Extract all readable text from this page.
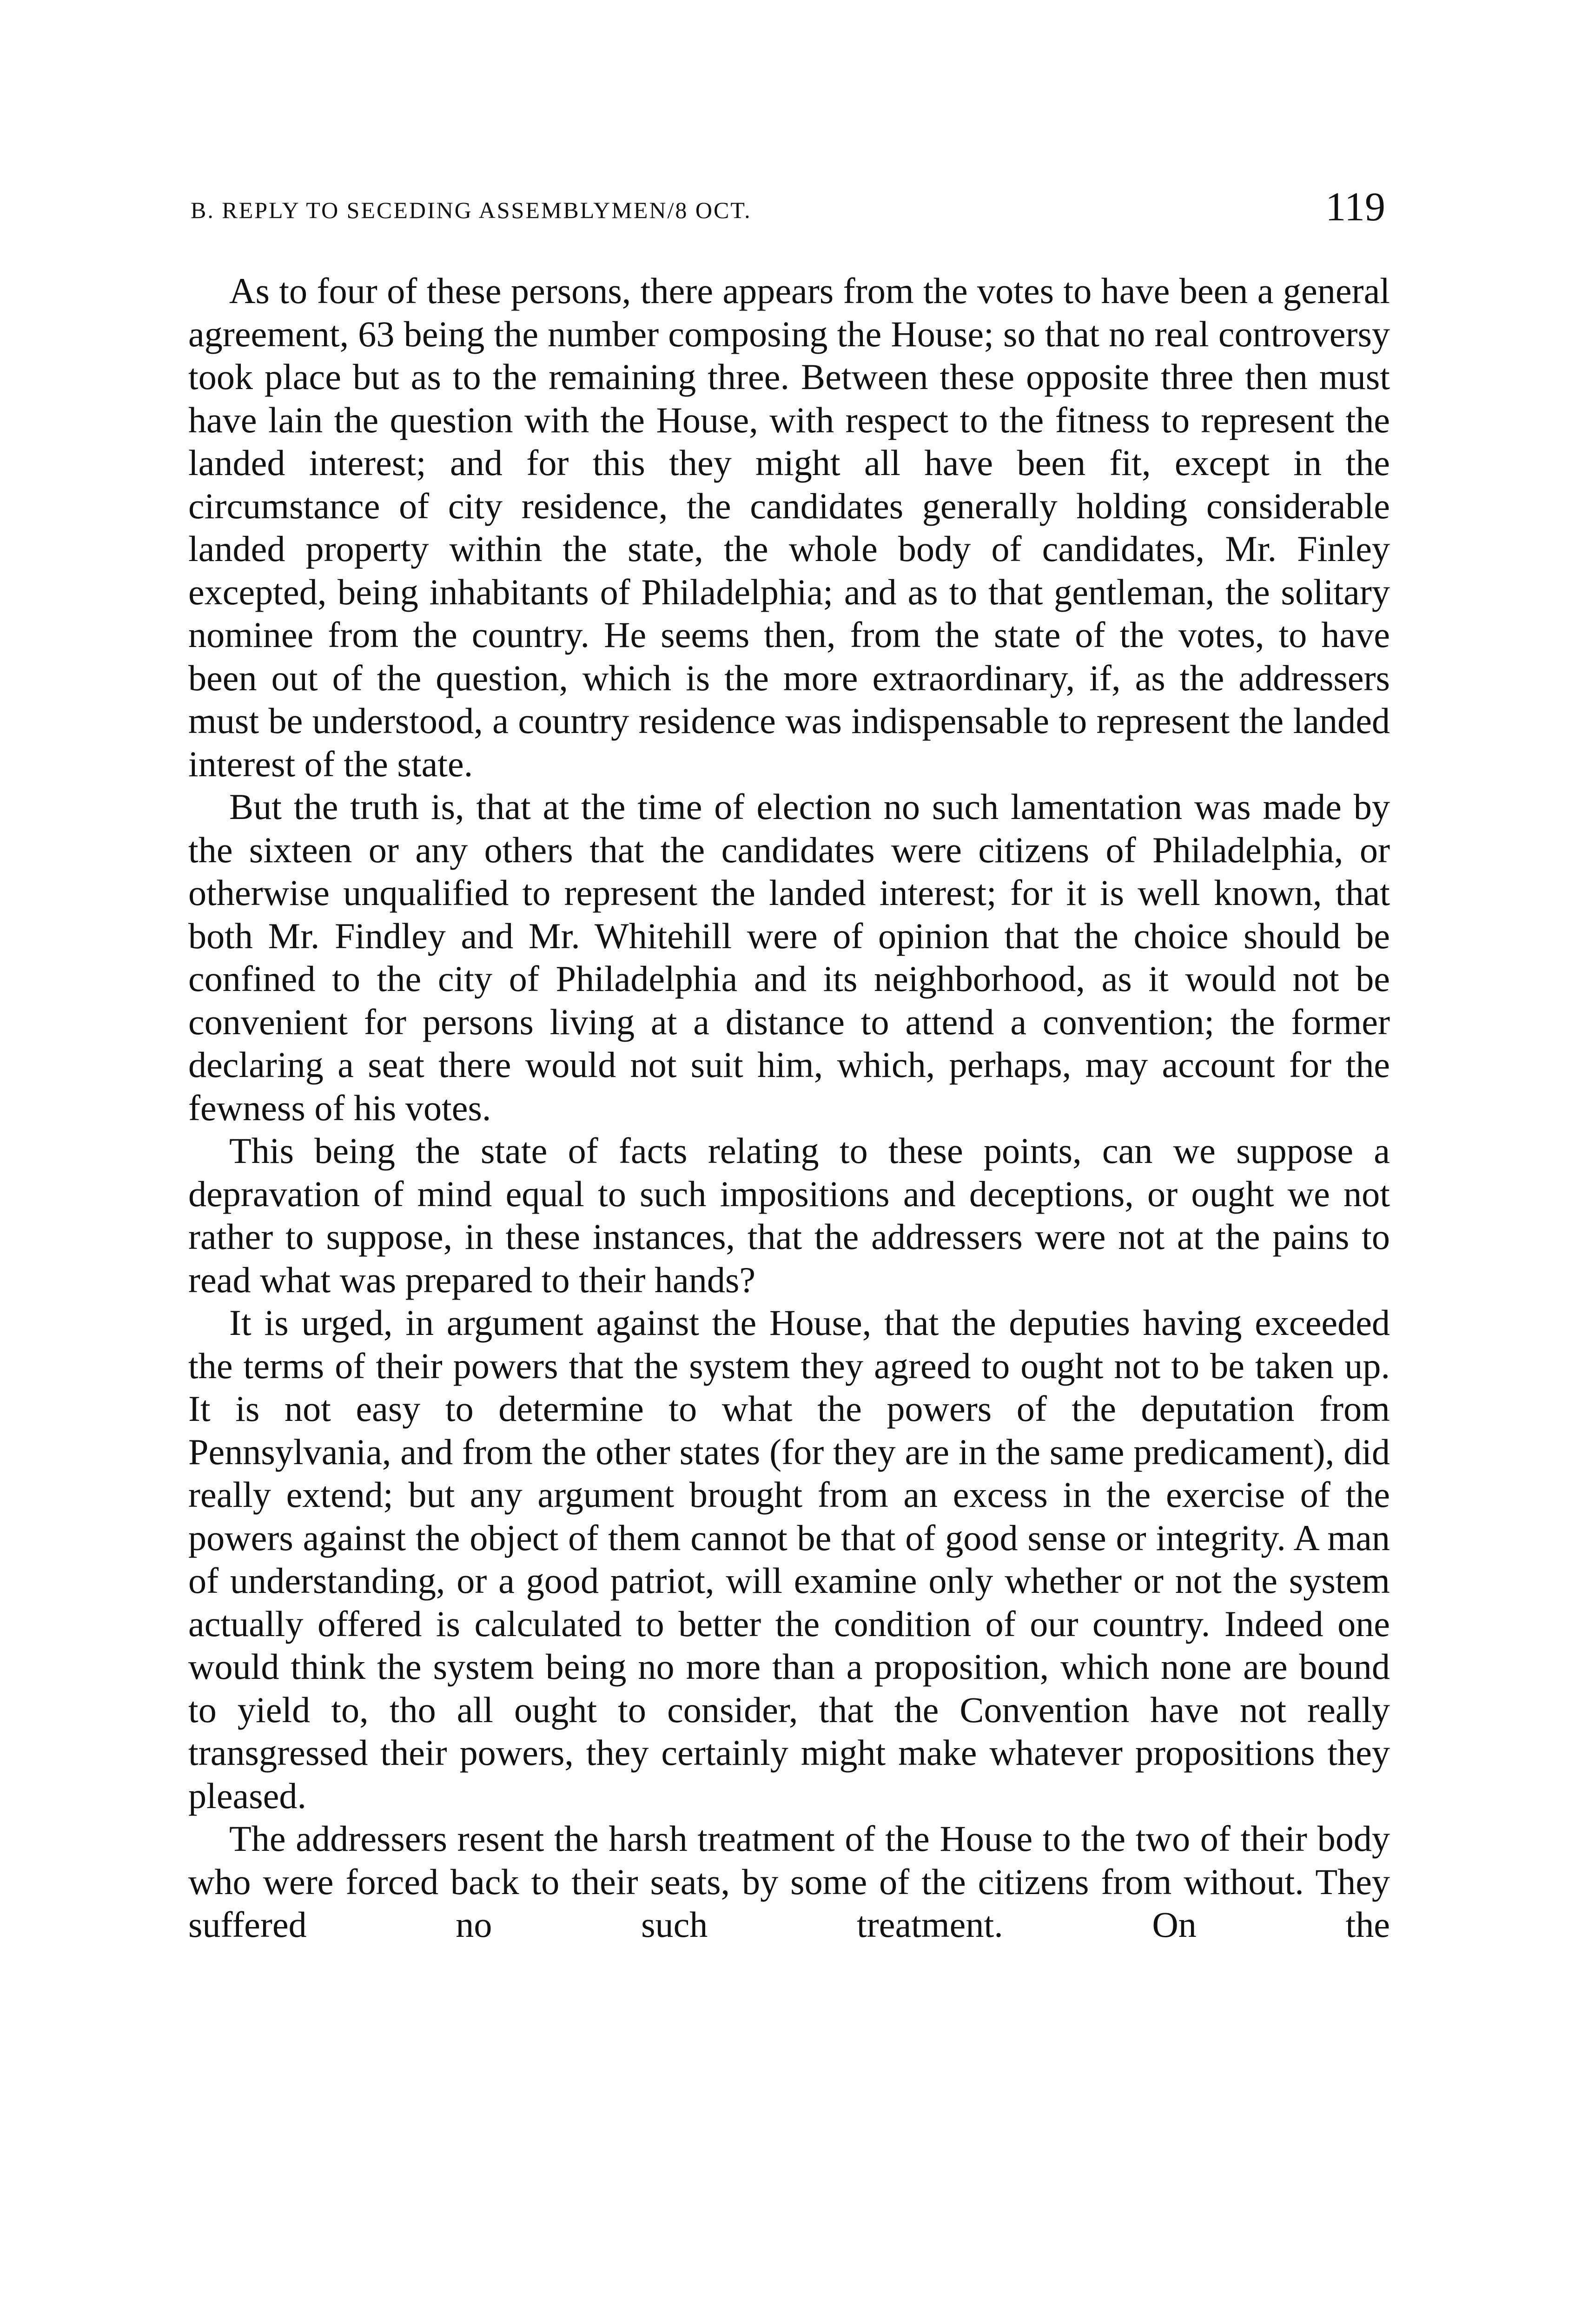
B. REPLY TO SECEDING ASSEMBLYMEN/8 OCT.	119

As to four of these persons, there appears from the votes to have been a general agreement, 63 being the number composing the House; so that no real controversy took place but as to the remaining three. Between these opposite three then must have lain the question with the House, with respect to the fitness to represent the landed interest; and for this they might all have been fit, except in the circumstance of city residence, the candidates generally holding considerable landed property within the state, the whole body of candidates, Mr. Finley excepted, being inhabitants of Philadelphia; and as to that gentleman, the solitary nominee from the country. He seems then, from the state of the votes, to have been out of the question, which is the more extraordinary, if, as the addressers must be understood, a country residence was indispensable to represent the landed interest of the state.

But the truth is, that at the time of election no such lamentation was made by the sixteen or any others that the candidates were citizens of Philadelphia, or otherwise unqualified to represent the landed interest; for it is well known, that both Mr. Findley and Mr. Whitehill were of opinion that the choice should be confined to the city of Philadelphia and its neighborhood, as it would not be convenient for persons living at a distance to attend a convention; the former declaring a seat there would not suit him, which, perhaps, may account for the fewness of his votes.

This being the state of facts relating to these points, can we suppose a depravation of mind equal to such impositions and deceptions, or ought we not rather to suppose, in these instances, that the addressers were not at the pains to read what was prepared to their hands?

It is urged, in argument against the House, that the deputies having exceeded the terms of their powers that the system they agreed to ought not to be taken up. It is not easy to determine to what the powers of the deputation from Pennsylvania, and from the other states (for they are in the same predicament), did really extend; but any argument brought from an excess in the exercise of the powers against the object of them cannot be that of good sense or integrity. A man of understanding, or a good patriot, will examine only whether or not the system actually offered is calculated to better the condition of our country. Indeed one would think the system being no more than a proposition, which none are bound to yield to, tho all ought to consider, that the Convention have not really transgressed their powers, they certainly might make whatever propositions they pleased.

The addressers resent the harsh treatment of the House to the two of their body who were forced back to their seats, by some of the citizens from without. They suffered no such treatment. On the
